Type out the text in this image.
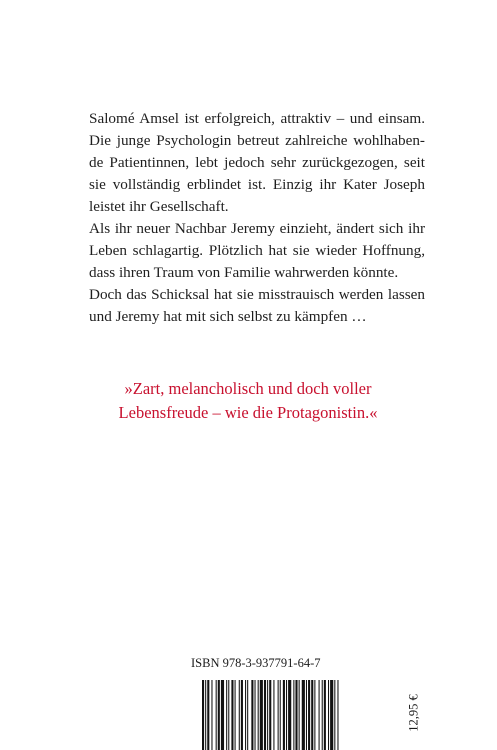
Salomé Amsel ist erfolgreich, attraktiv – und einsam.
Die junge Psychologin betreut zahlreiche wohlhaben-
de Patientinnen, lebt jedoch sehr zurückgezogen, seit
sie vollständig erblindet ist. Einzig ihr Kater Joseph
leistet ihr Gesellschaft.
Als ihr neuer Nachbar Jeremy einzieht, ändert sich ihr
Leben schlagartig. Plötzlich hat sie wieder Hoffnung,
dass ihren Traum von Familie wahrwerden könnte.
Doch das Schicksal hat sie misstrauisch werden lassen
und Jeremy hat mit sich selbst zu kämpfen …
»Zart, melancholisch und doch voller
Lebensfreude – wie die Protagonistin.«
ISBN 978-3-937791-64-7
12,95 €
